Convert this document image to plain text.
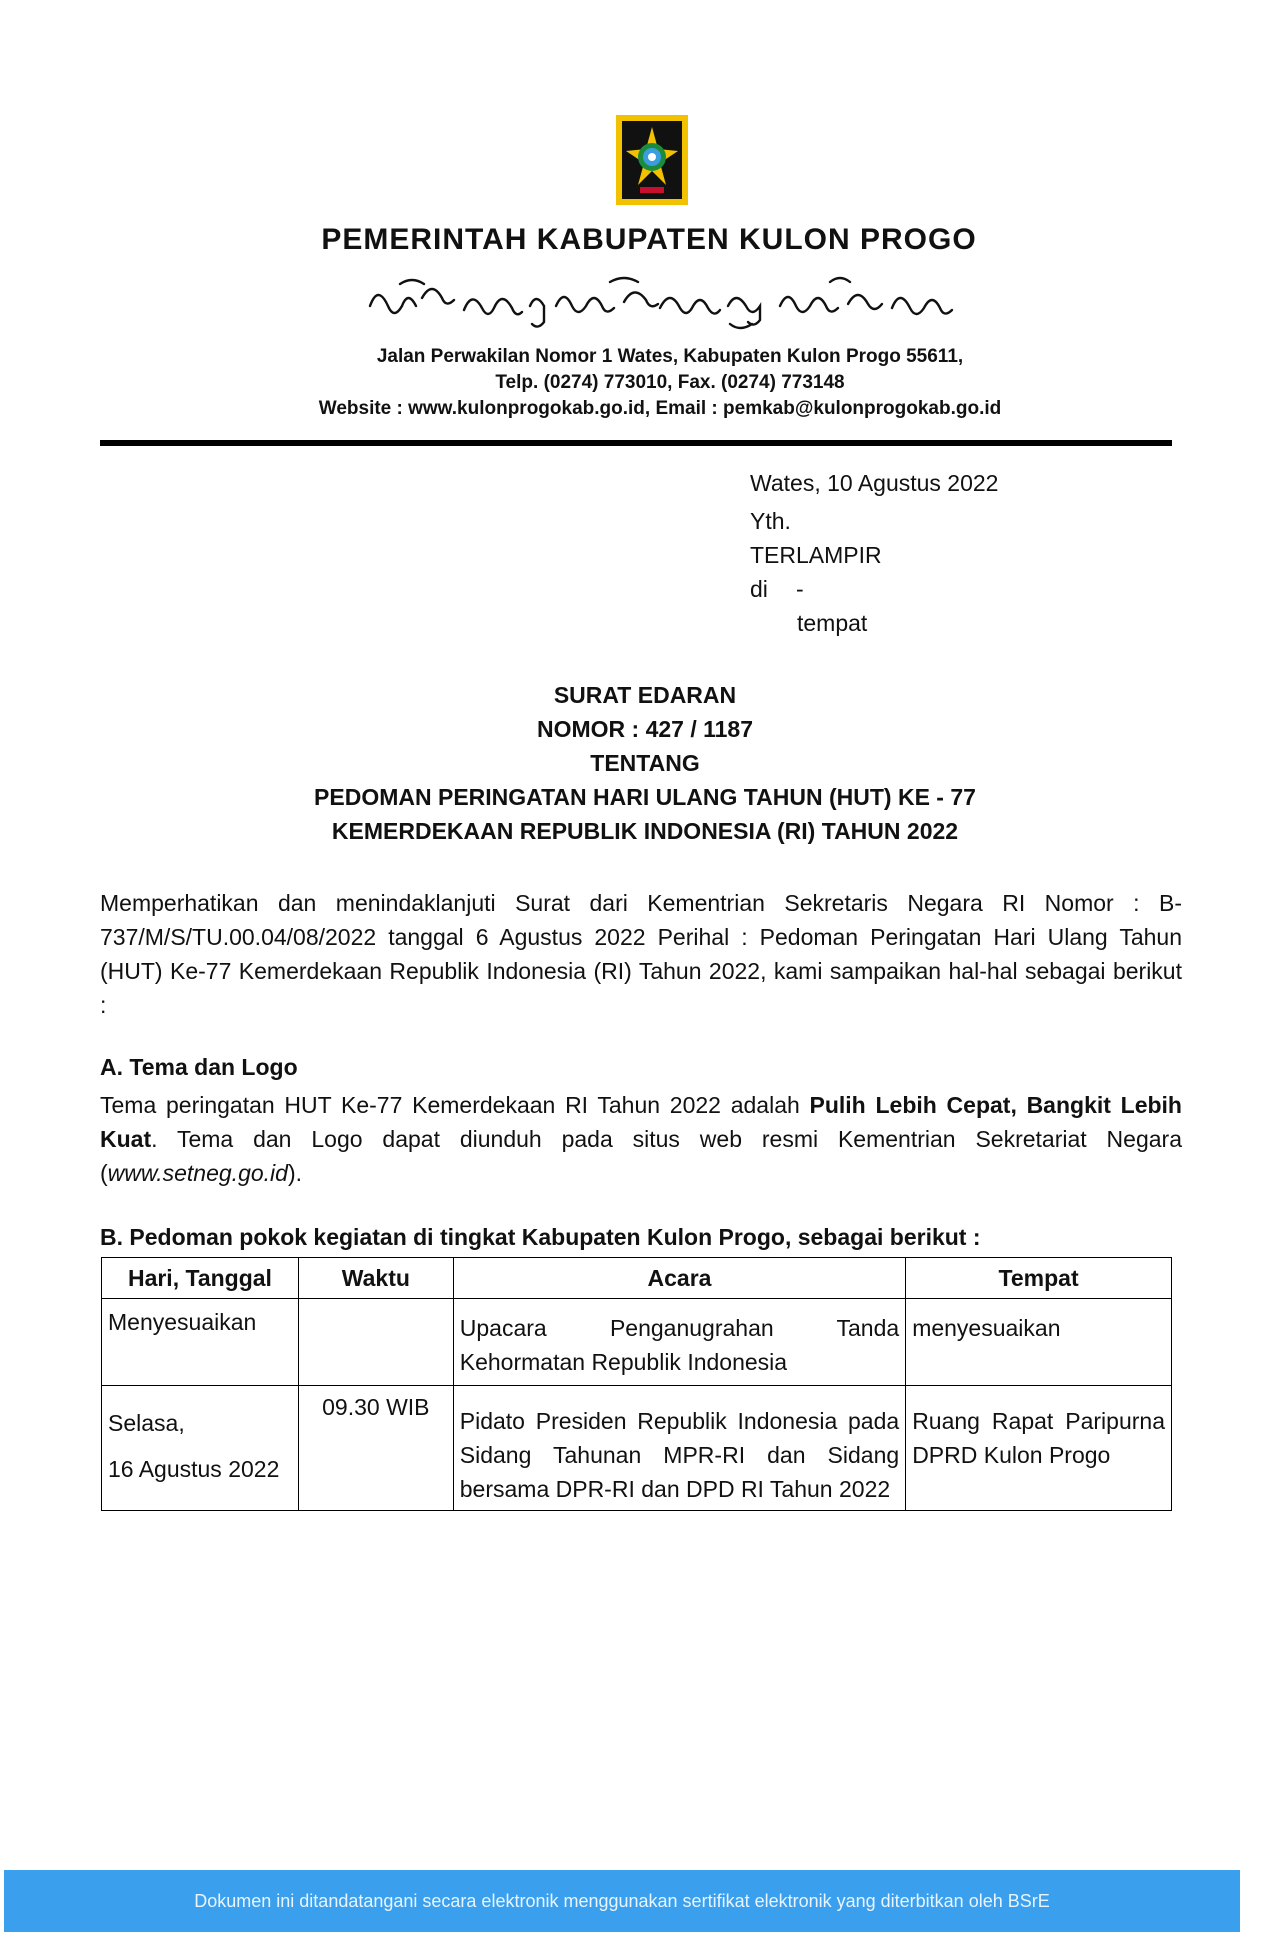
PEMERINTAH KABUPATEN KULON PROGO
Jalan Perwakilan Nomor 1 Wates, Kabupaten Kulon Progo 55611,
Telp. (0274) 773010, Fax. (0274) 773148
Website : www.kulonprogokab.go.id, Email : pemkab@kulonprogokab.go.id
Wates, 10 Agustus 2022
Yth.
TERLAMPIR
di -
tempat
SURAT EDARAN
NOMOR : 427 / 1187
TENTANG
PEDOMAN PERINGATAN HARI ULANG TAHUN (HUT) KE - 77
KEMERDEKAAN REPUBLIK INDONESIA (RI) TAHUN 2022
Memperhatikan dan menindaklanjuti Surat dari Kementrian Sekretaris Negara RI Nomor : B-737/M/S/TU.00.04/08/2022 tanggal 6 Agustus 2022 Perihal : Pedoman Peringatan Hari Ulang Tahun (HUT) Ke-77 Kemerdekaan Republik Indonesia (RI) Tahun 2022, kami sampaikan hal-hal sebagai berikut :
A. Tema dan Logo
Tema peringatan HUT Ke-77 Kemerdekaan RI Tahun 2022 adalah Pulih Lebih Cepat, Bangkit Lebih Kuat. Tema dan Logo dapat diunduh pada situs web resmi Kementrian Sekretariat Negara (www.setneg.go.id).
B. Pedoman pokok kegiatan di tingkat Kabupaten Kulon Progo, sebagai berikut :
Hari, Tanggal	Waktu	Acara	Tempat

Menyesuaikan		Upacara Penganugrahan Tanda Kehormatan Republik Indonesia	menyesuaikan

Selasa,
16 Agustus 2022	09.30 WIB	Pidato Presiden Republik Indonesia pada Sidang Tahunan MPR-RI dan Sidang bersama DPR-RI dan DPD RI Tahun 2022	Ruang Rapat Paripurna DPRD Kulon Progo
Dokumen ini ditandatangani secara elektronik menggunakan sertifikat elektronik yang diterbitkan oleh BSrE
